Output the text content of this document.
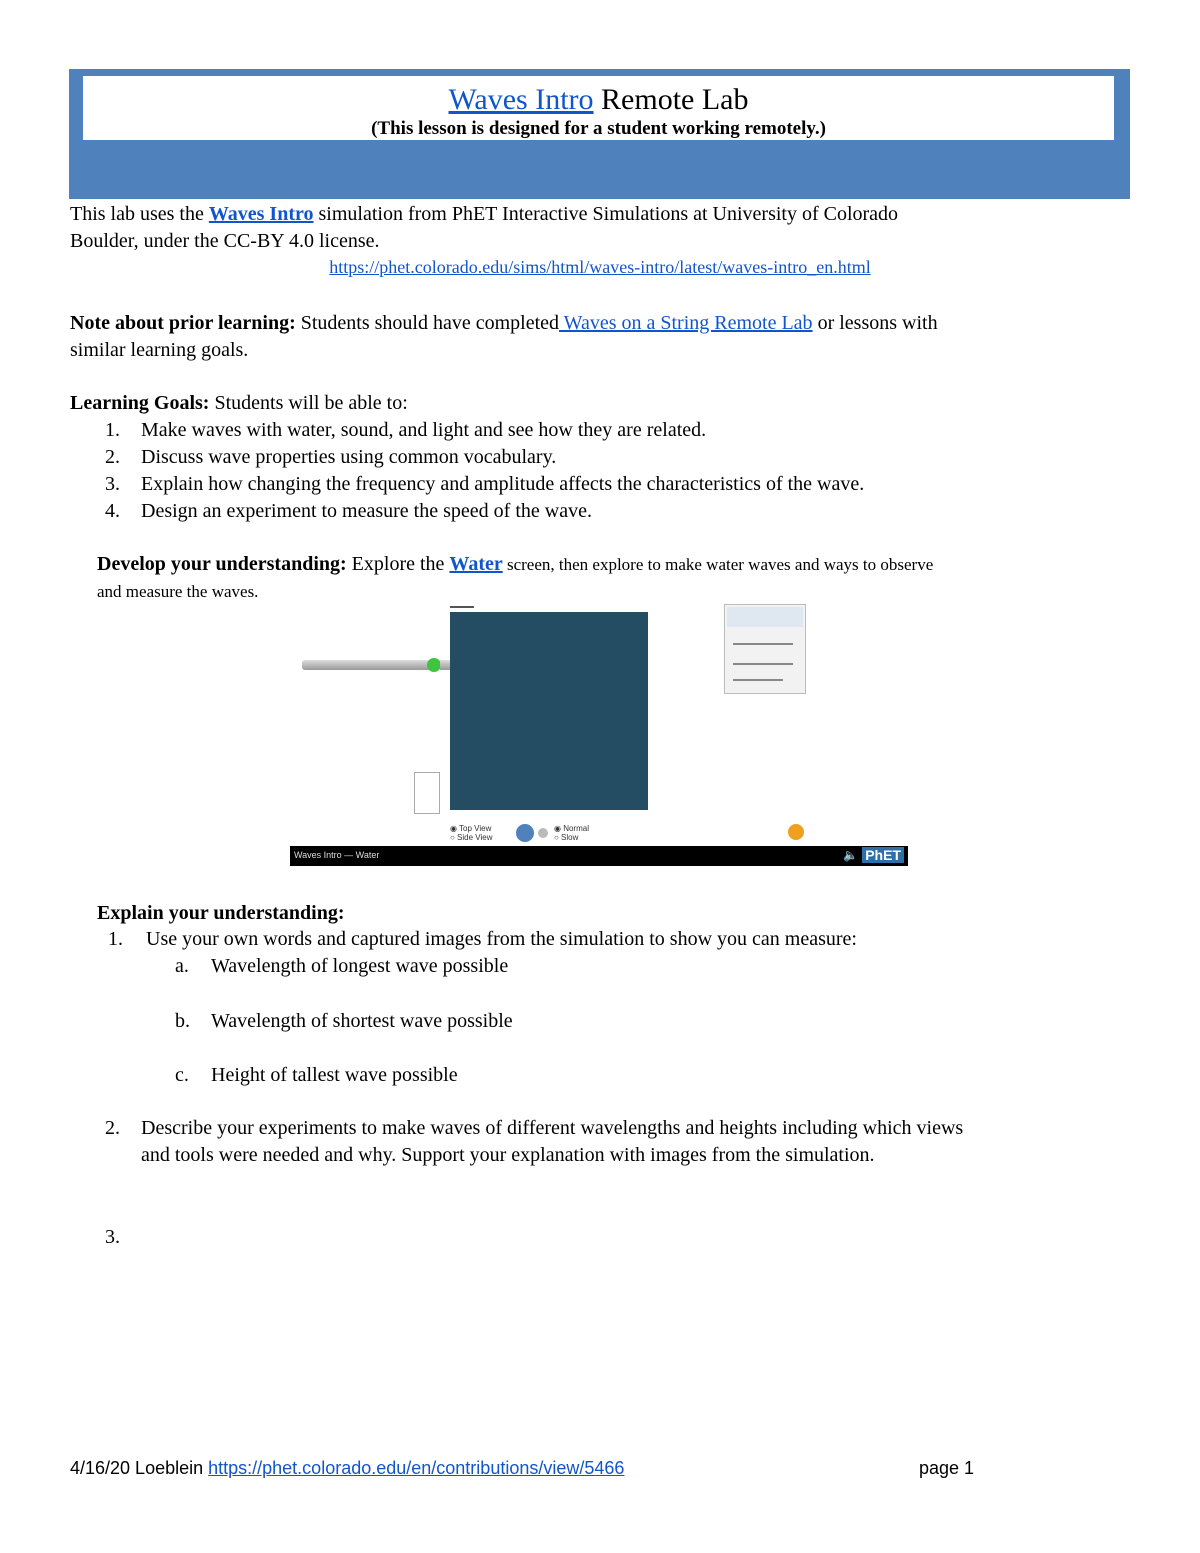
Waves Intro Remote Lab
(This lesson is designed for a student working remotely.)
This lab uses the Waves Intro simulation from PhET Interactive Simulations at University of Colorado
Boulder, under the CC-BY 4.0 license.
https://phet.colorado.edu/sims/html/waves-intro/latest/waves-intro_en.html
Note about prior learning: Students should have completed Waves on a String Remote Lab or lessons with
similar learning goals.
Learning Goals: Students will be able to:
1. Make waves with water, sound, and light and see how they are related.
2. Discuss wave properties using common vocabulary.
3. Explain how changing the frequency and amplitude affects the characteristics of the wave.
4. Design an experiment to measure the speed of the wave.
Develop your understanding: Explore the Water screen, then explore to make water waves and ways to observe
and measure the waves.
◉ Top View
○ Side View
◉ Normal
○ Slow
Waves Intro — Water	🔈 PhET
Explain your understanding:
1. Use your own words and captured images from the simulation to show you can measure:
a. Wavelength of longest wave possible
b. Wavelength of shortest wave possible
c. Height of tallest wave possible
2. Describe your experiments to make waves of different wavelengths and heights including which views
and tools were needed and why. Support your explanation with images from the simulation.
3.
4/16/20 Loeblein https://phet.colorado.edu/en/contributions/view/5466	page 1
